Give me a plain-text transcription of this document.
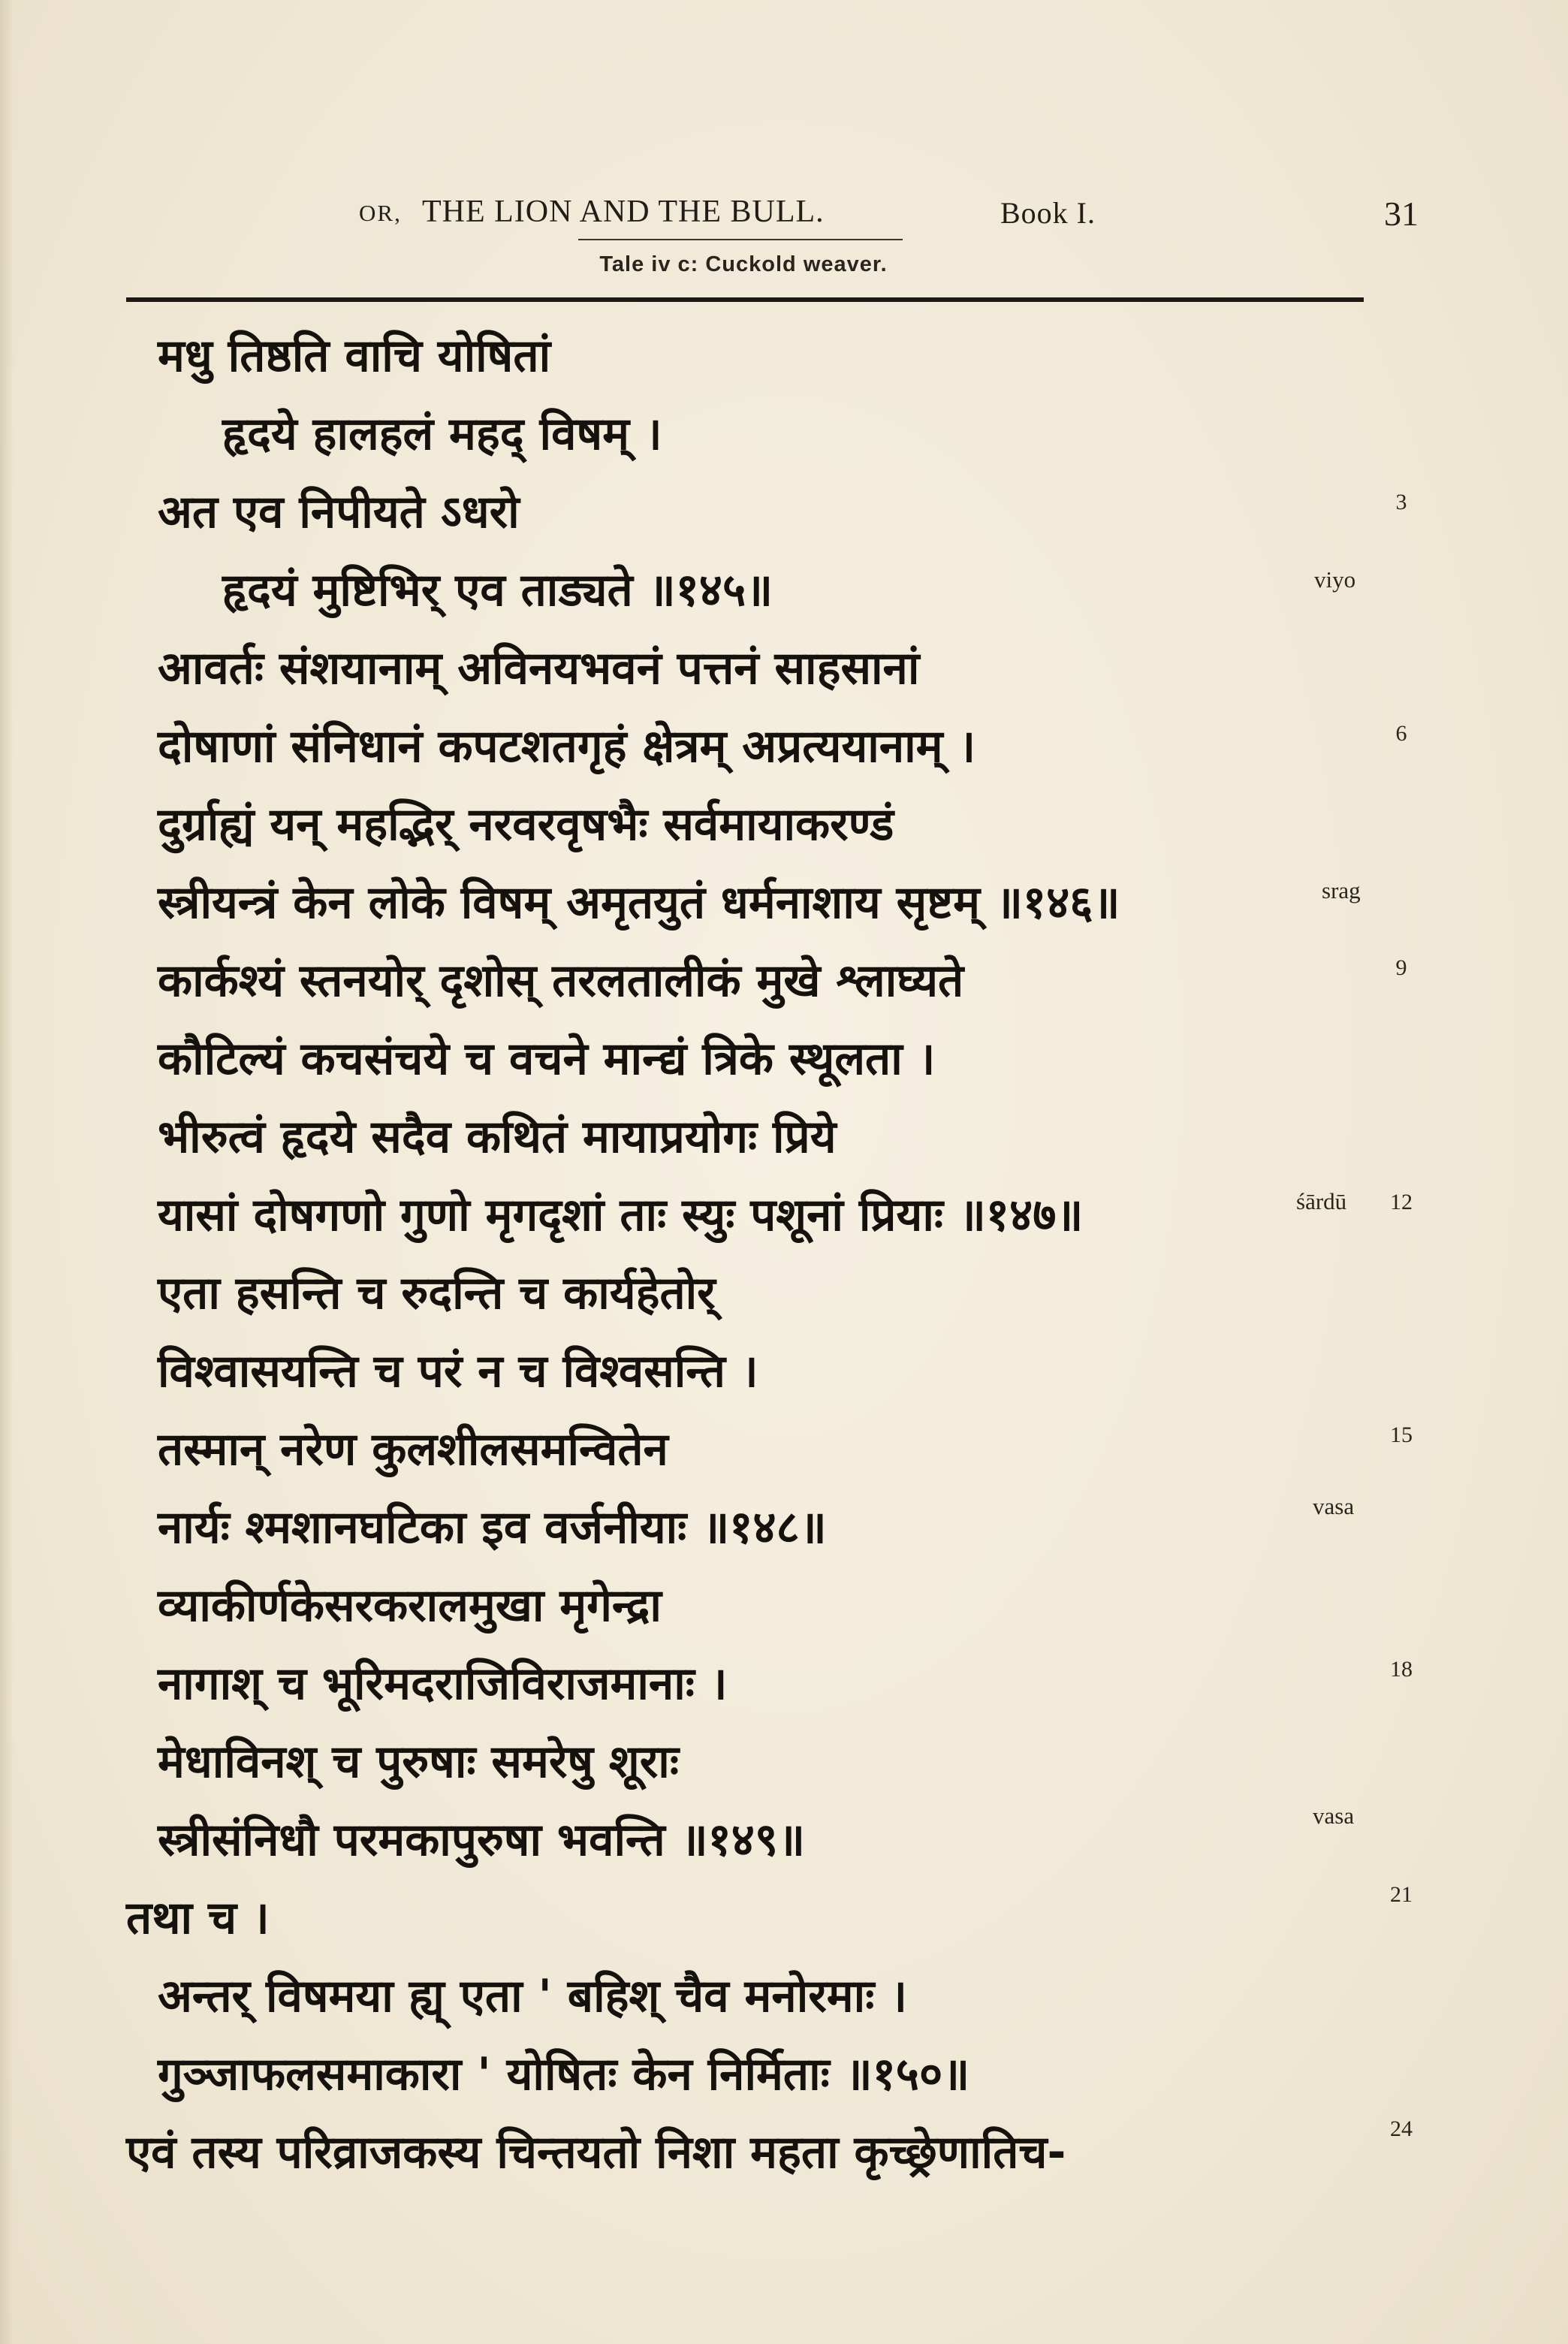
OR, THE LION AND THE BULL.	Book I.	31
Tale iv c: Cuckold weaver.
मधु तिष्ठति वाचि योषितां
हृदये हालहलं महद् विषम् ।
अत एव निपीयते ऽधरो	3
हृदयं मुष्टिभिर् एव ताड्यते ॥१४५॥	viyo
आवर्तः संशयानाम् अविनयभवनं पत्तनं साहसानां
दोषाणां संनिधानं कपटशतगृहं क्षेत्रम् अप्रत्ययानाम् ।	6
दुर्ग्राह्यं यन् महद्भिर् नरवरवृषभैः सर्वमायाकरण्डं
स्त्रीयन्त्रं केन लोके विषम् अमृतयुतं धर्मनाशाय सृष्टम् ॥१४६॥	srag
कार्कश्यं स्तनयोर् दृशोस् तरलतालीकं मुखे श्लाघ्यते	9
कौटिल्यं कचसंचये च वचने मान्द्यं त्रिके स्थूलता ।
भीरुत्वं हृदये सदैव कथितं मायाप्रयोगः प्रिये
यासां दोषगणो गुणो मृगदृशां ताः स्युः पशूनां प्रियाः ॥१४७॥	śārdū 12
एता हसन्ति च रुदन्ति च कार्यहेतोर्
विश्वासयन्ति च परं न च विश्वसन्ति ।
तस्मान् नरेण कुलशीलसमन्वितेन	15
नार्यः श्मशानघटिका इव वर्जनीयाः ॥१४८॥	vasa
व्याकीर्णकेसरकरालमुखा मृगेन्द्रा
नागाश् च भूरिमदराजिविराजमानाः ।	18
मेधाविनश् च पुरुषाः समरेषु शूराः
स्त्रीसंनिधौ परमकापुरुषा भवन्ति ॥१४९॥	vasa
तथा च ।	21
अन्तर् विषमया ह्य् एता ' बहिश् चैव मनोरमाः ।
गुञ्जाफलसमाकारा ' योषितः केन निर्मिताः ॥१५०॥
एवं तस्य परिव्राजकस्य चिन्तयतो निशा महता कृच्छ्रेणातिच-	24
